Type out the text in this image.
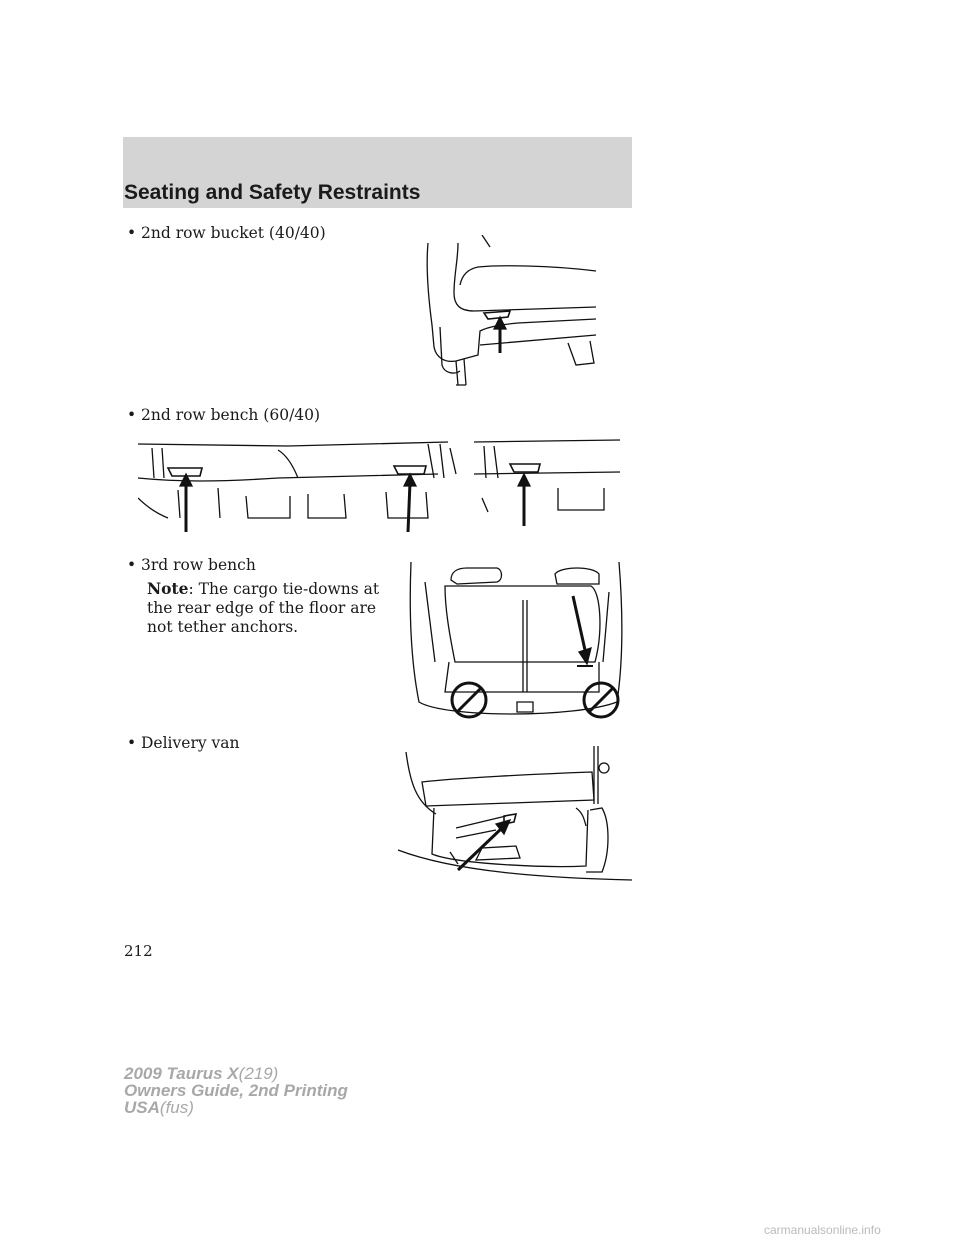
Seating and Safety Restraints
• 2nd row bucket (40/40)
• 2nd row bench (60/40)
• 3rd row bench
Note: The cargo tie-downs at the rear edge of the floor are not tether anchors.
• Delivery van
212
2009 Taurus X(219)
Owners Guide, 2nd Printing
USA(fus)
carmanualsonline.info
